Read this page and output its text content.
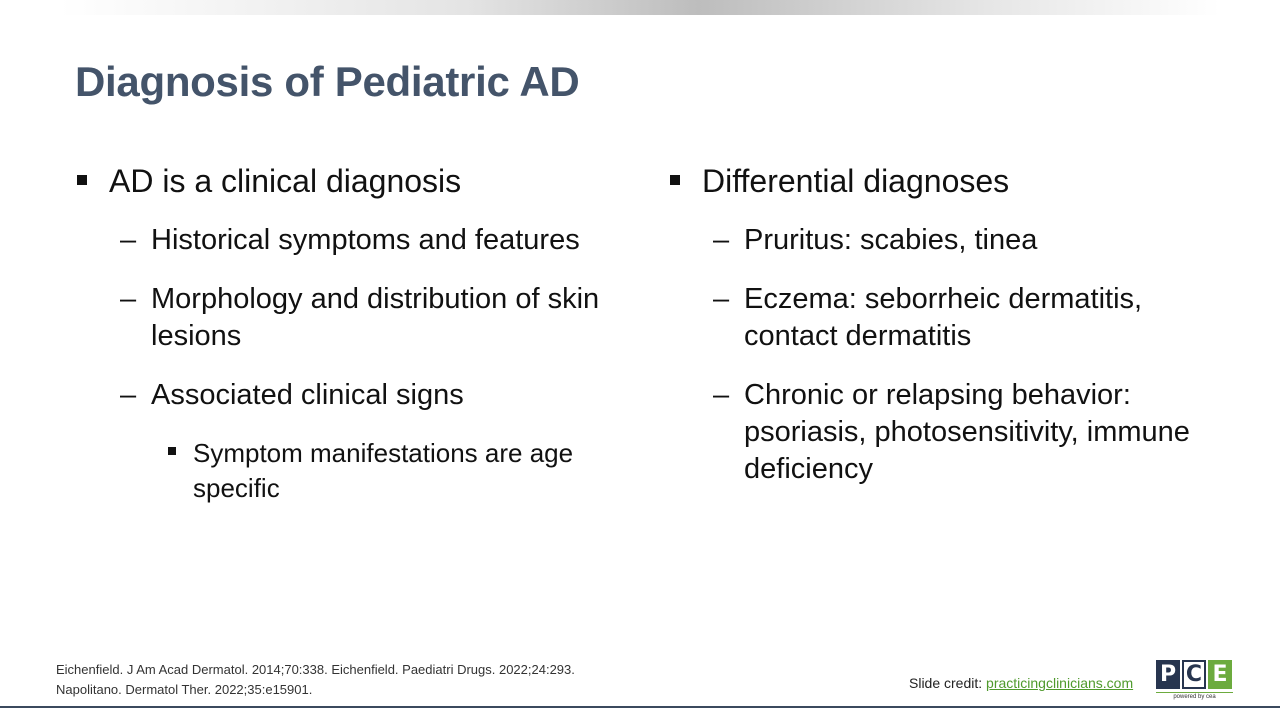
Diagnosis of Pediatric AD
AD is a clinical diagnosis
– Historical symptoms and features
– Morphology and distribution of skin lesions
– Associated clinical signs
Symptom manifestations are age specific
Differential diagnoses
– Pruritus: scabies, tinea
– Eczema: seborrheic dermatitis, contact dermatitis
– Chronic or relapsing behavior: psoriasis, photosensitivity, immune deficiency
Eichenfield. J Am Acad Dermatol. 2014;70:338. Eichenfield. Paediatri Drugs. 2022;24:293.
Napolitano. Dermatol Ther. 2022;35:e15901.	Slide credit: practicingclinicians.com P C E
powered by cea
